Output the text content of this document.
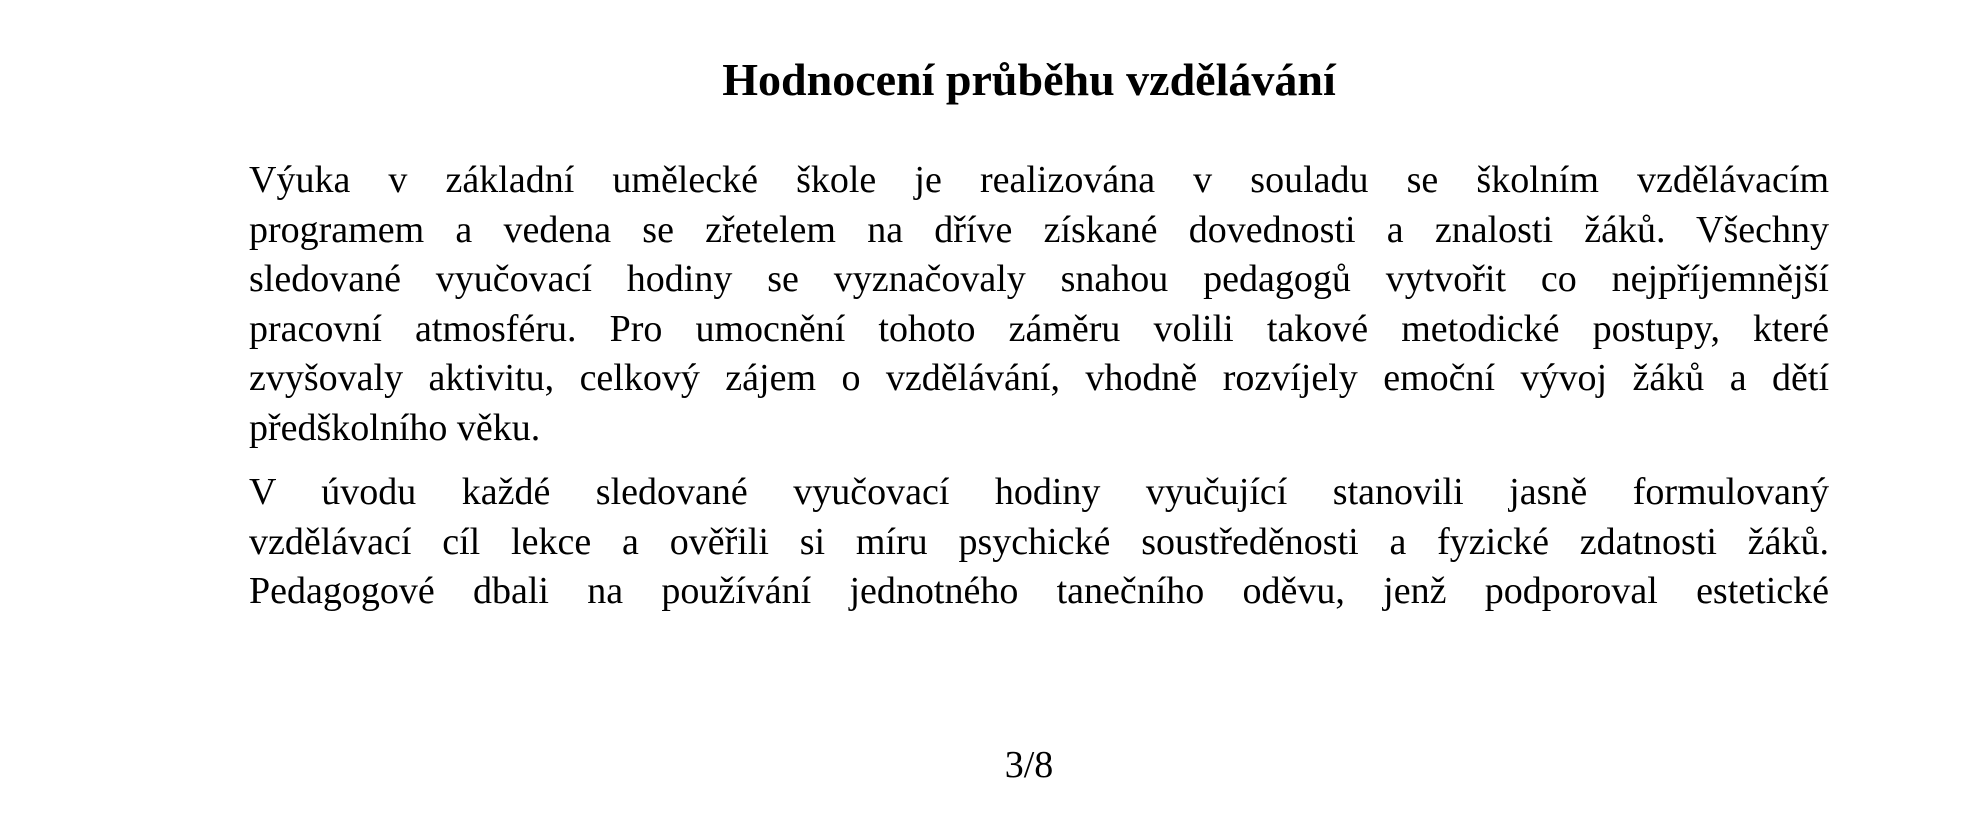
Hodnocení průběhu vzdělávání

Výuka v základní umělecké škole je realizována v souladu se školním vzdělávacím
programem a vedena se zřetelem na dříve získané dovednosti a znalosti žáků. Všechny
sledované vyučovací hodiny se vyznačovaly snahou pedagogů vytvořit co nejpříjemnější
pracovní atmosféru. Pro umocnění tohoto záměru volili takové metodické postupy, které
zvyšovaly aktivitu, celkový zájem o vzdělávání, vhodně rozvíjely emoční vývoj žáků a dětí
předškolního věku.

V úvodu každé sledované vyučovací hodiny vyučující stanovili jasně formulovaný
vzdělávací cíl lekce a ověřili si míru psychické soustředěnosti a fyzické zdatnosti žáků.
Pedagogové dbali na používání jednotného tanečního oděvu, jenž podporoval estetické

3/8
